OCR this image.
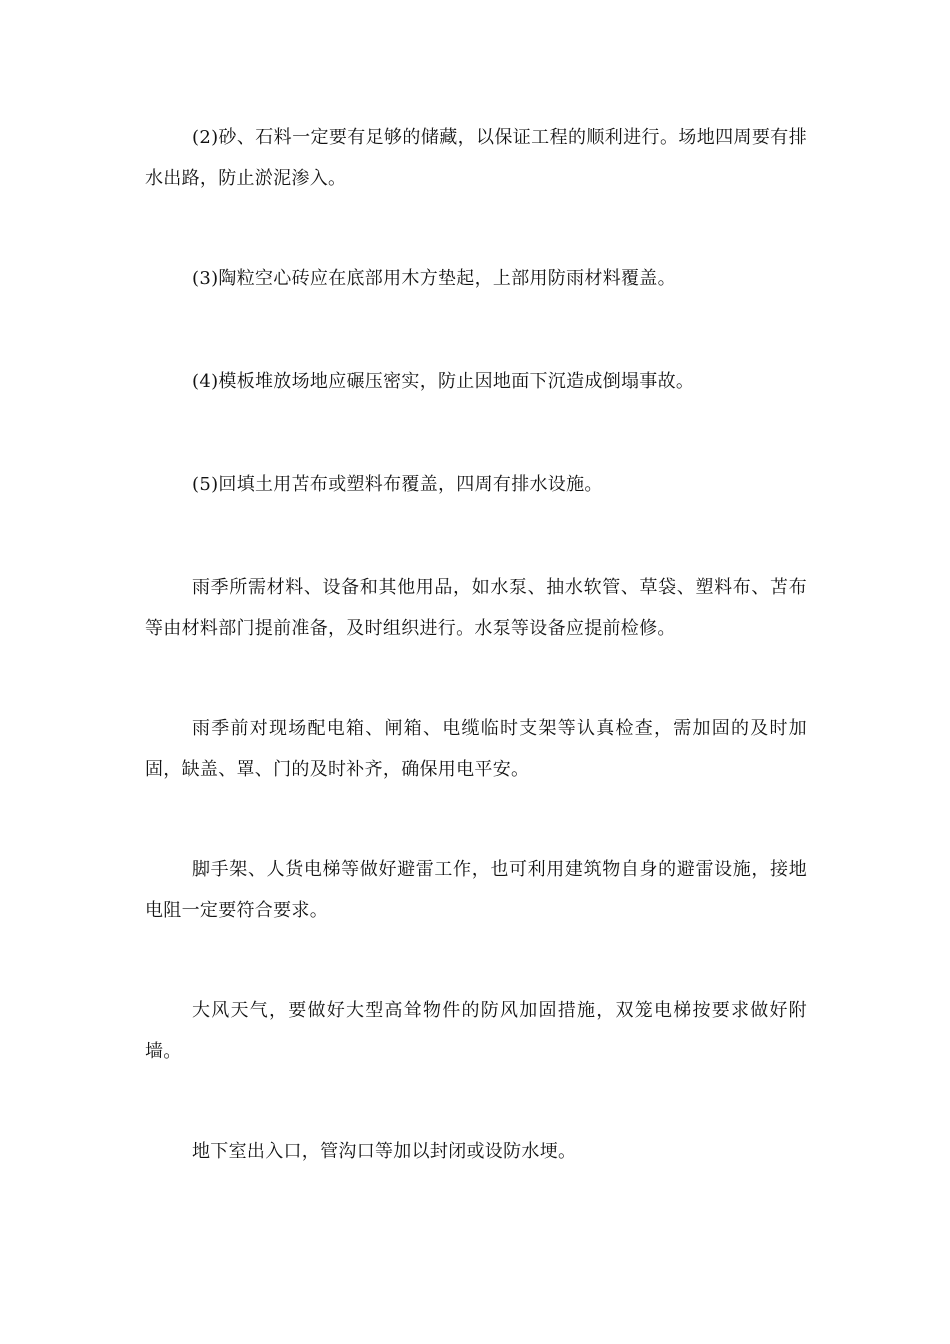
(2)砂、石料一定要有足够的储藏，以保证工程的顺利进行。场地四周要有排水出路，防止淤泥渗入。

(3)陶粒空心砖应在底部用木方垫起，上部用防雨材料覆盖。

(4)模板堆放场地应碾压密实，防止因地面下沉造成倒塌事故。

(5)回填土用苫布或塑料布覆盖，四周有排水设施。

雨季所需材料、设备和其他用品，如水泵、抽水软管、草袋、塑料布、苫布等由材料部门提前准备，及时组织进行。水泵等设备应提前检修。

雨季前对现场配电箱、闸箱、电缆临时支架等认真检查，需加固的及时加固，缺盖、罩、门的及时补齐，确保用电平安。

脚手架、人货电梯等做好避雷工作，也可利用建筑物自身的避雷设施，接地电阻一定要符合要求。

大风天气，要做好大型高耸物件的防风加固措施，双笼电梯按要求做好附墙。

地下室出入口，管沟口等加以封闭或设防水埂。
